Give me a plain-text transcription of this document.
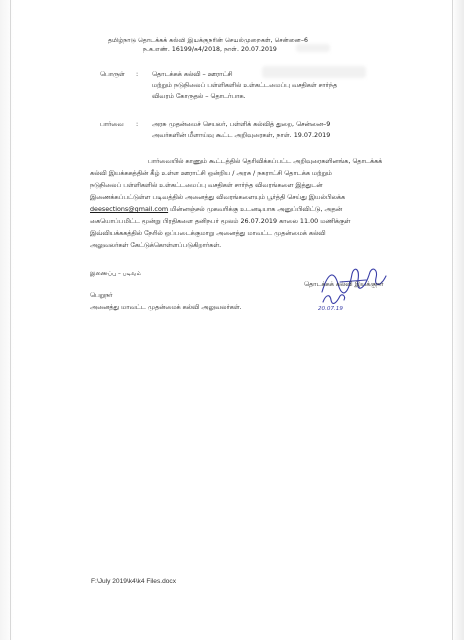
தமிழ்நாடு தொடக்கக் கல்வி இயக்குநரின் செயல்முறைகள், சென்னை–6
ந.க.எண். 16199/க4/2018, நாள். 20.07.2019
பொருள் : தொடக்கக் கல்வி – ஊராட்சி
மற்றும் நடுநிலைப் பள்ளிகளில் உள்கட்டமைப்பு வசதிகள் சார்ந்த
விவரம் கோருதல் – தொடர்பாக.
பார்வை : அரசு முதன்மைச் செயலர், பள்ளிக் கல்வித் துறை, சென்னை–9
அவர்களின் மீளாய்வு கூட்ட அறிவுரைகள், நாள். 19.07.2019
பார்வையில் காணும் கூட்டத்தில் தெரிவிக்கப்பட்ட அறிவுரைகளினங்க, தொடக்கக்
கல்வி இயக்ககத்தின் கீழ் உள்ள ஊராட்சி ஒன்றிய / அரசு / நகராட்சி தொடக்க மற்றும்
நடுநிலைப் பள்ளிகளில் உள்கட்டமைப்பு வசதிகள் சார்ந்த விவரங்களை இத்துடன்
இணைக்கப்பட்டுள்ள படிவத்தில் அனைத்து விவரங்களையும் பூர்த்தி செய்து இயல்பிலக்க
deesections@gmail.com மின்னஞ்சல் முகவரிக்கு உடனடியாக அனுப்பிவிட்டு, அதன்
கையொப்பமிட்ட மூன்று பிரதிகளை தனிநபர் மூலம் 26.07.2019 காலை 11.00 மணிக்குள்
இவ்வியக்ககத்தில் நேரில் ஒப்படைக்குமாறு அனைத்து மாவட்ட முதன்மைக் கல்வி
அலுவலர்கள் கேட்டுக்கொள்ளப்படுகிறார்கள்.
தொடக்கக் கல்வி இயக்குநர்
இணைப்பு – படிவம்
20.07.19
பெறுநர்
அனைத்து மாவட்ட முதன்மைக் கல்வி அலுவலர்கள்.
F:\July 2019\k4\k4 Files.docx
